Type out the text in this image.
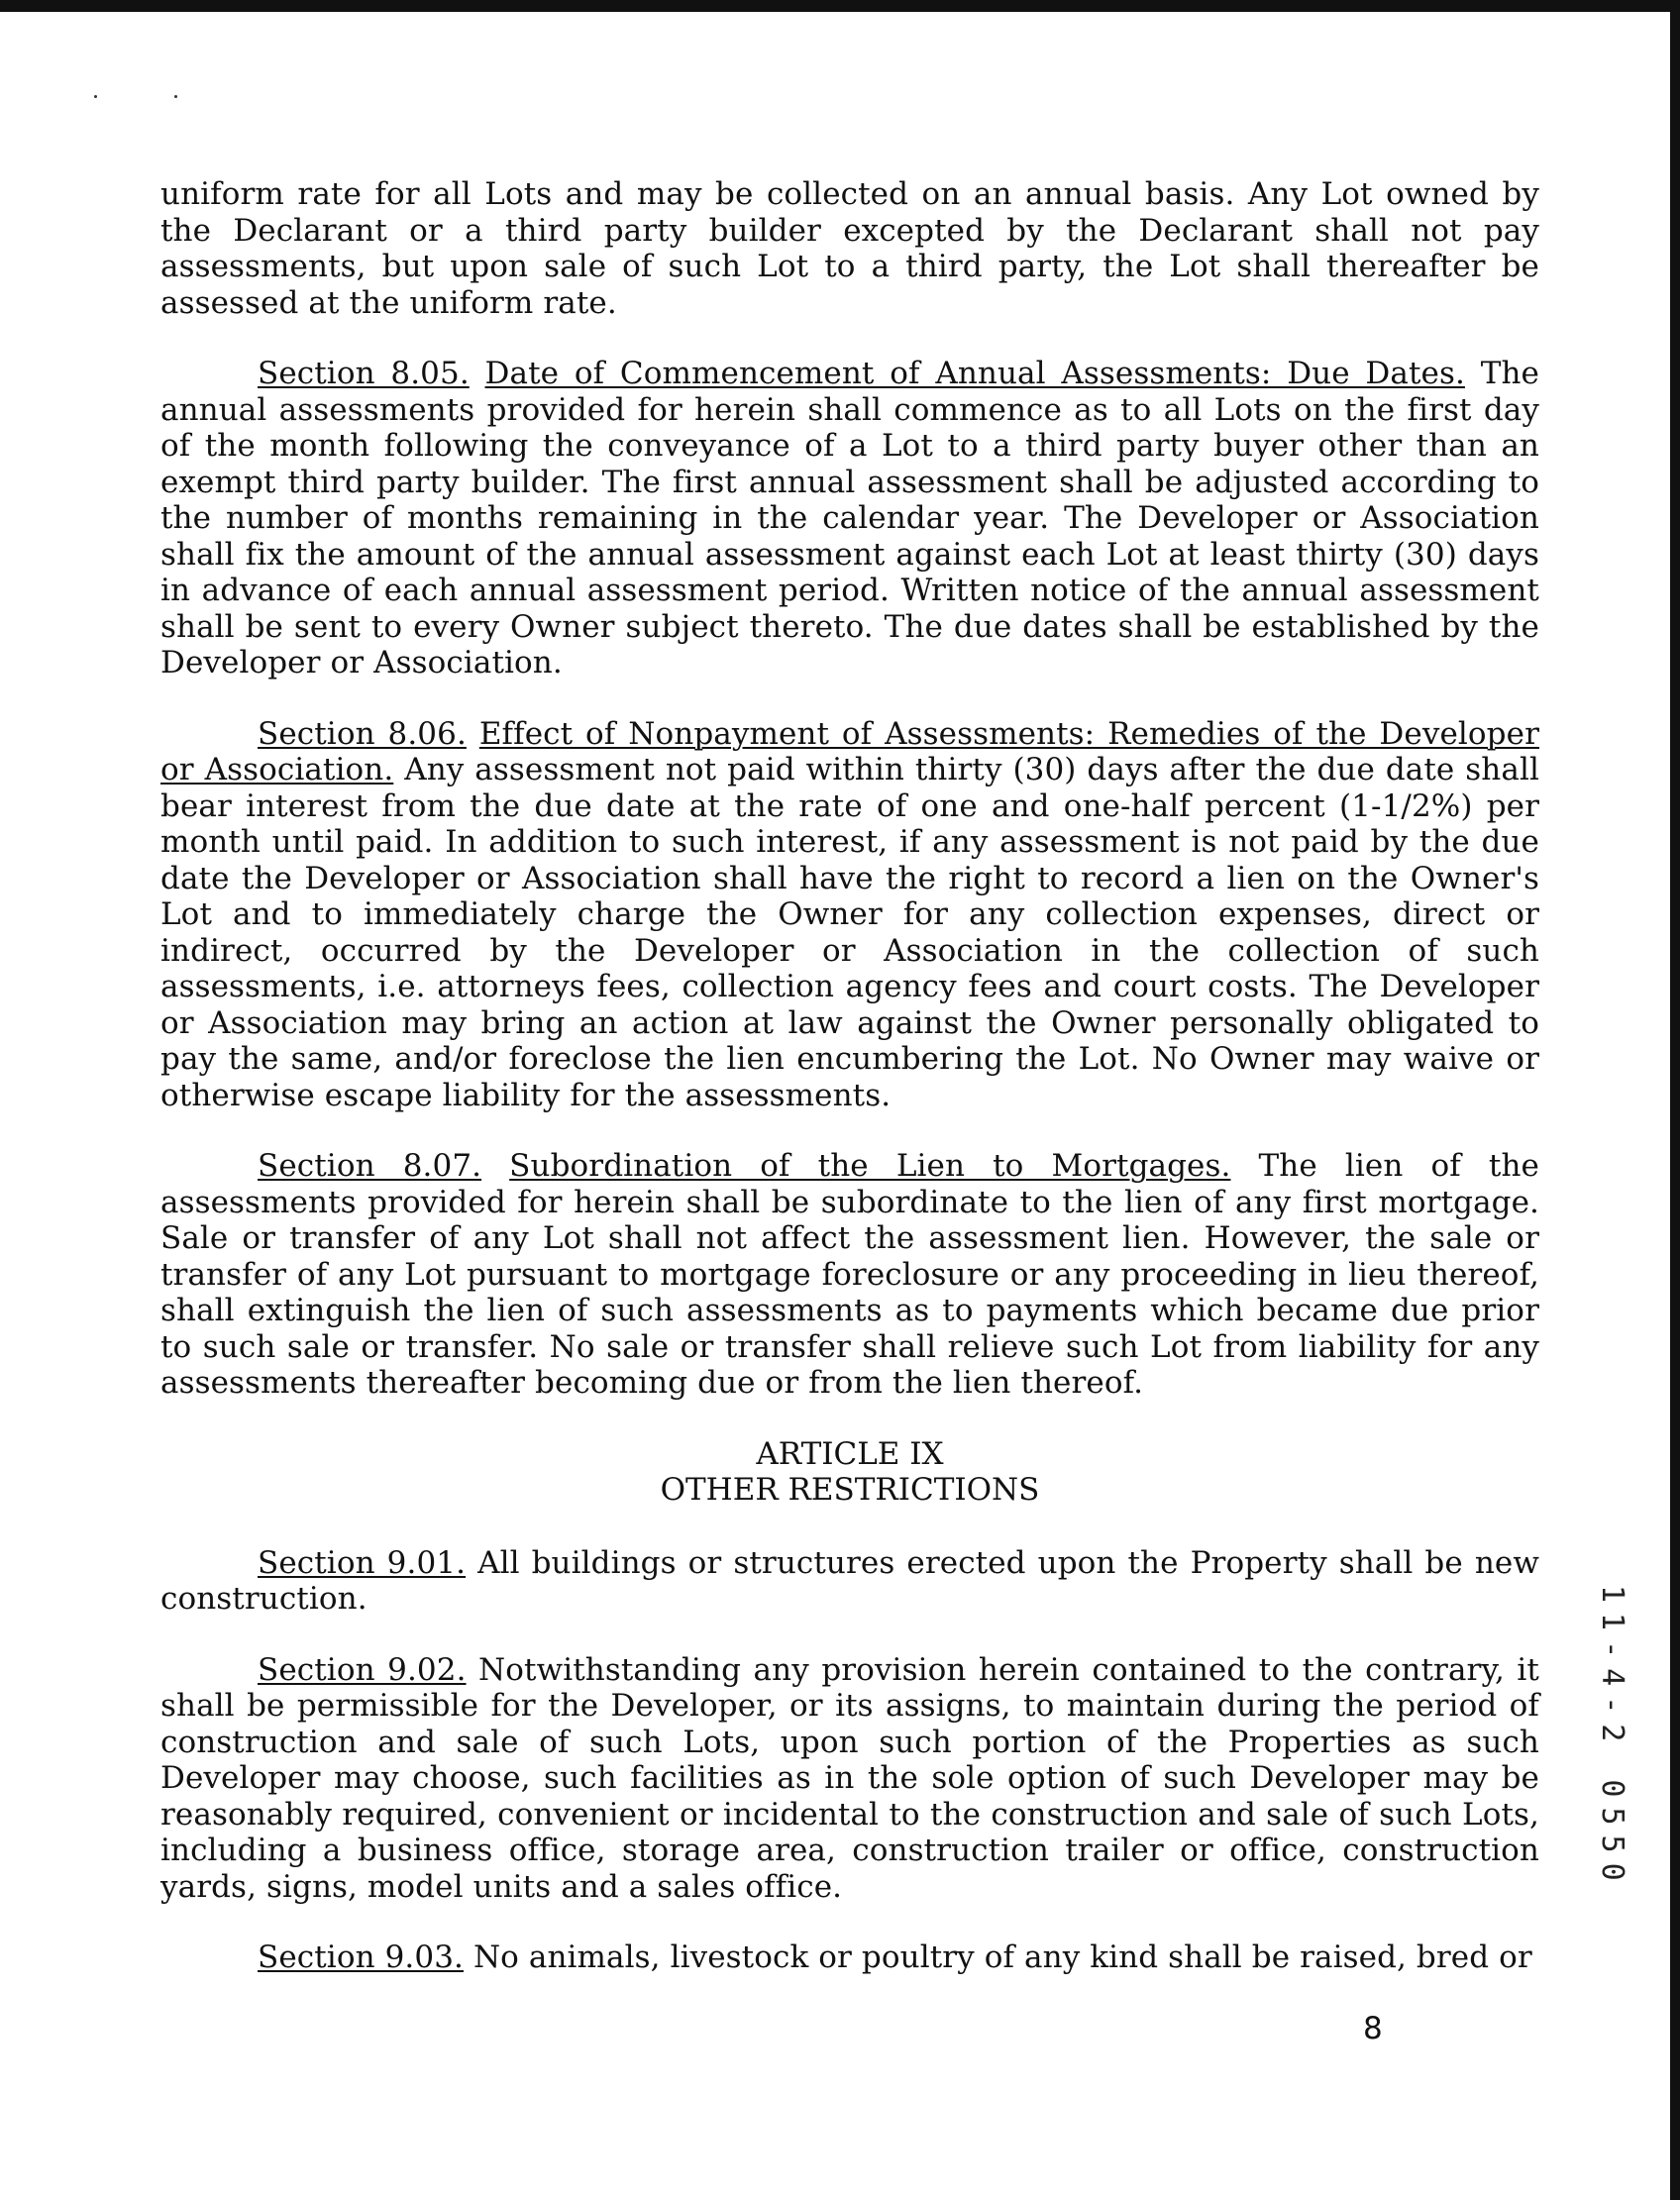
uniform rate for all Lots and may be collected on an annual basis. Any Lot owned by the Declarant or a third party builder excepted by the Declarant shall not pay assessments, but upon sale of such Lot to a third party, the Lot shall thereafter be assessed at the uniform rate.

Section 8.05. Date of Commencement of Annual Assessments: Due Dates. The annual assessments provided for herein shall commence as to all Lots on the first day of the month following the conveyance of a Lot to a third party buyer other than an exempt third party builder. The first annual assessment shall be adjusted according to the number of months remaining in the calendar year. The Developer or Association shall fix the amount of the annual assessment against each Lot at least thirty (30) days in advance of each annual assessment period. Written notice of the annual assessment shall be sent to every Owner subject thereto. The due dates shall be established by the Developer or Association.

Section 8.06. Effect of Nonpayment of Assessments: Remedies of the Developer or Association. Any assessment not paid within thirty (30) days after the due date shall bear interest from the due date at the rate of one and one-half percent (1-1/2%) per month until paid. In addition to such interest, if any assessment is not paid by the due date the Developer or Association shall have the right to record a lien on the Owner's Lot and to immediately charge the Owner for any collection expenses, direct or indirect, occurred by the Developer or Association in the collection of such assessments, i.e. attorneys fees, collection agency fees and court costs. The Developer or Association may bring an action at law against the Owner personally obligated to pay the same, and/or foreclose the lien encumbering the Lot. No Owner may waive or otherwise escape liability for the assessments.

Section 8.07. Subordination of the Lien to Mortgages. The lien of the assessments provided for herein shall be subordinate to the lien of any first mortgage. Sale or transfer of any Lot shall not affect the assessment lien. However, the sale or transfer of any Lot pursuant to mortgage foreclosure or any proceeding in lieu thereof, shall extinguish the lien of such assessments as to payments which became due prior to such sale or transfer. No sale or transfer shall relieve such Lot from liability for any assessments thereafter becoming due or from the lien thereof.

ARTICLE IX
OTHER RESTRICTIONS

Section 9.01. All buildings or structures erected upon the Property shall be new construction.

Section 9.02. Notwithstanding any provision herein contained to the contrary, it shall be permissible for the Developer, or its assigns, to maintain during the period of construction and sale of such Lots, upon such portion of the Properties as such Developer may choose, such facilities as in the sole option of such Developer may be reasonably required, convenient or incidental to the construction and sale of such Lots, including a business office, storage area, construction trailer or office, construction yards, signs, model units and a sales office.

Section 9.03. No animals, livestock or poultry of any kind shall be raised, bred or

8
11-4-2 0550
